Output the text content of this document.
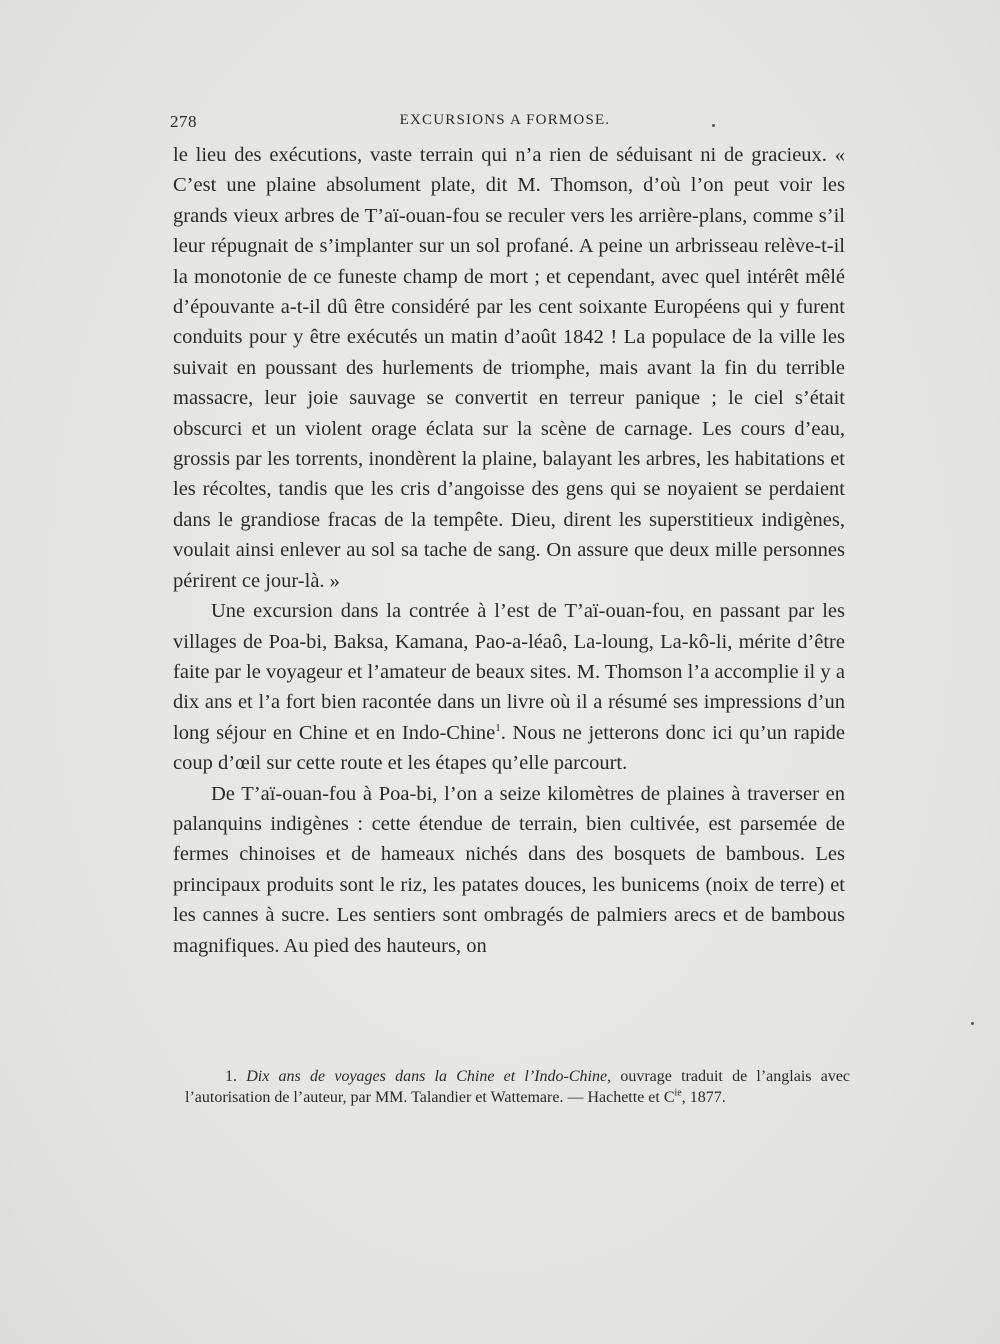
278	EXCURSIONS A FORMOSE.

le lieu des exécutions, vaste terrain qui n’a rien de séduisant ni de gracieux. « C’est une plaine absolument plate, dit M. Thomson, d’où l’on peut voir les grands vieux arbres de T’aï-ouan-fou se reculer vers les arrière-plans, comme s’il leur répugnait de s’implanter sur un sol profané. A peine un arbrisseau relève-t-il la monotonie de ce funeste champ de mort ; et cependant, avec quel intérêt mêlé d’épouvante a-t-il dû être considéré par les cent soixante Européens qui y furent conduits pour y être exécutés un matin d’août 1842 ! La populace de la ville les suivait en poussant des hurlements de triomphe, mais avant la fin du terrible massacre, leur joie sauvage se convertit en terreur panique ; le ciel s’était obscurci et un violent orage éclata sur la scène de carnage. Les cours d’eau, grossis par les torrents, inondèrent la plaine, balayant les arbres, les habitations et les récoltes, tandis que les cris d’angoisse des gens qui se noyaient se perdaient dans le grandiose fracas de la tempête. Dieu, dirent les superstitieux indigènes, voulait ainsi enlever au sol sa tache de sang. On assure que deux mille personnes périrent ce jour-là. »

Une excursion dans la contrée à l’est de T’aï-ouan-fou, en passant par les villages de Poa-bi, Baksa, Kamana, Pao-a-léaô, La-loung, La-kô-li, mérite d’être faite par le voyageur et l’amateur de beaux sites. M. Thomson l’a accomplie il y a dix ans et l’a fort bien racontée dans un livre où il a résumé ses impressions d’un long séjour en Chine et en Indo-Chine$^1$. Nous ne jetterons donc ici qu’un rapide coup d’œil sur cette route et les étapes qu’elle parcourt.

De T’aï-ouan-fou à Poa-bi, l’on a seize kilomètres de plaines à traverser en palanquins indigènes : cette étendue de terrain, bien cultivée, est parsemée de fermes chinoises et de hameaux nichés dans des bosquets de bambous. Les principaux produits sont le riz, les patates douces, les bunicems (noix de terre) et les cannes à sucre. Les sentiers sont ombragés de palmiers arecs et de bambous magnifiques. Au pied des hauteurs, on

1. Dix ans de voyages dans la Chine et l’Indo-Chine, ouvrage traduit de l’anglais avec l’autorisation de l’auteur, par MM. Talandier et Wattemare. — Hachette et $C^{ie}$, 1877.
